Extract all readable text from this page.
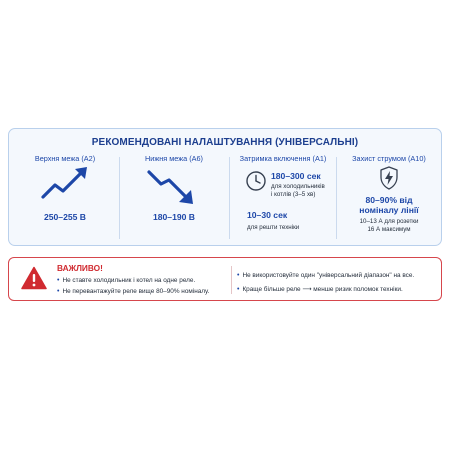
РЕКОМЕНДОВАНІ НАЛАШТУВАННЯ (УНІВЕРСАЛЬНІ)
Верхня межа (A2)
250–255 В
Нижня межа (A6)
180–190 В
Затримка включення (A1)
180–300 сек
для холодильників
і котлів (3–5 хв)
10–30 сек
для решти техніки
Захист струмом (A10)
80–90% від
номіналу лінії
10–13 А для розетки
16 А максимум
ВАЖЛИВО!
• Не ставте холодильник і котел на одне реле.
• Не перевантажуйте реле вище 80–90% номіналу.
• Не використовуйте один "універсальний діапазон" на все.
• Краще більше реле ⟶ менше ризик поломок техніки.
